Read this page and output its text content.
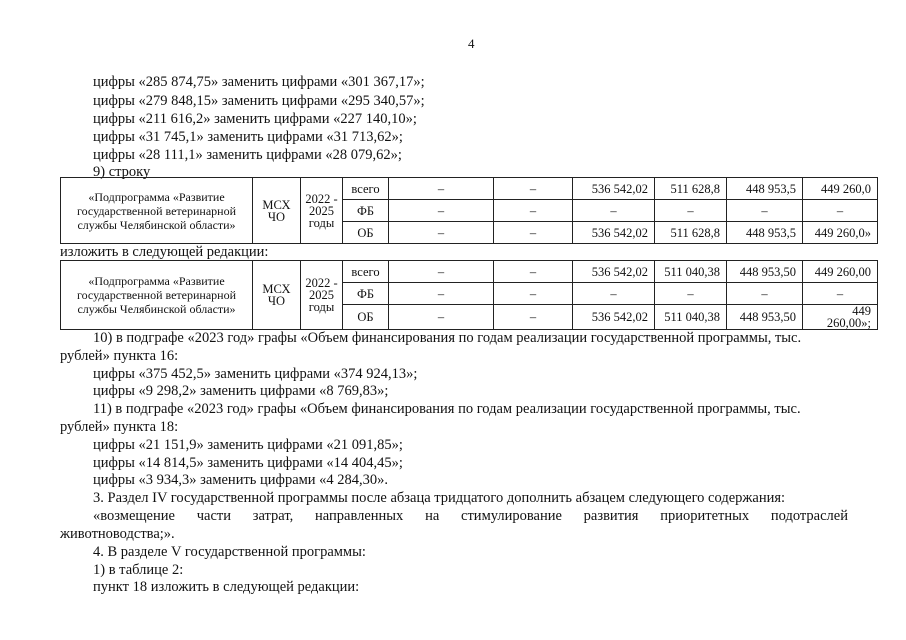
4
цифры «285 874,75» заменить цифрами «301 367,17»;
цифры «279 848,15» заменить цифрами «295 340,57»;
цифры «211 616,2» заменить цифрами «227 140,10»;
цифры «31 745,1» заменить цифрами «31 713,62»;
цифры «28 111,1» заменить цифрами «28 079,62»;
9) строку
«Подпрограмма «Развитие государственной ветеринарной службы Челябинской области»	МСХ ЧО	2022 - 2025 годы	всего	–	–	536 542,02	511 628,8	448 953,5	449 260,0
			ФБ	–	–	–	–	–	–
			ОБ	–	–	536 542,02	511 628,8	448 953,5	449 260,0»
изложить в следующей редакции:
«Подпрограмма «Развитие государственной ветеринарной службы Челябинской области»	МСХ ЧО	2022 - 2025 годы	всего	–	–	536 542,02	511 040,38	448 953,50	449 260,00
			ФБ	–	–	–	–	–	–
			ОБ	–	–	536 542,02	511 040,38	448 953,50	449 260,00»;
10) в подграфе «2023 год» графы «Объем финансирования по годам реализации государственной программы, тыс.
рублей» пункта 16:
цифры «375 452,5» заменить цифрами «374 924,13»;
цифры «9 298,2» заменить цифрами «8 769,83»;
11) в подграфе «2023 год» графы «Объем финансирования по годам реализации государственной программы, тыс.
рублей» пункта 18:
цифры «21 151,9» заменить цифрами «21 091,85»;
цифры «14 814,5» заменить цифрами «14 404,45»;
цифры «3 934,3» заменить цифрами «4 284,30».
3. Раздел IV государственной программы после абзаца тридцатого дополнить абзацем следующего содержания:
«возмещение части затрат, направленных на стимулирование развития приоритетных подотраслей
животноводства;».
4. В разделе V государственной программы:
1) в таблице 2:
пункт 18 изложить в следующей редакции:
